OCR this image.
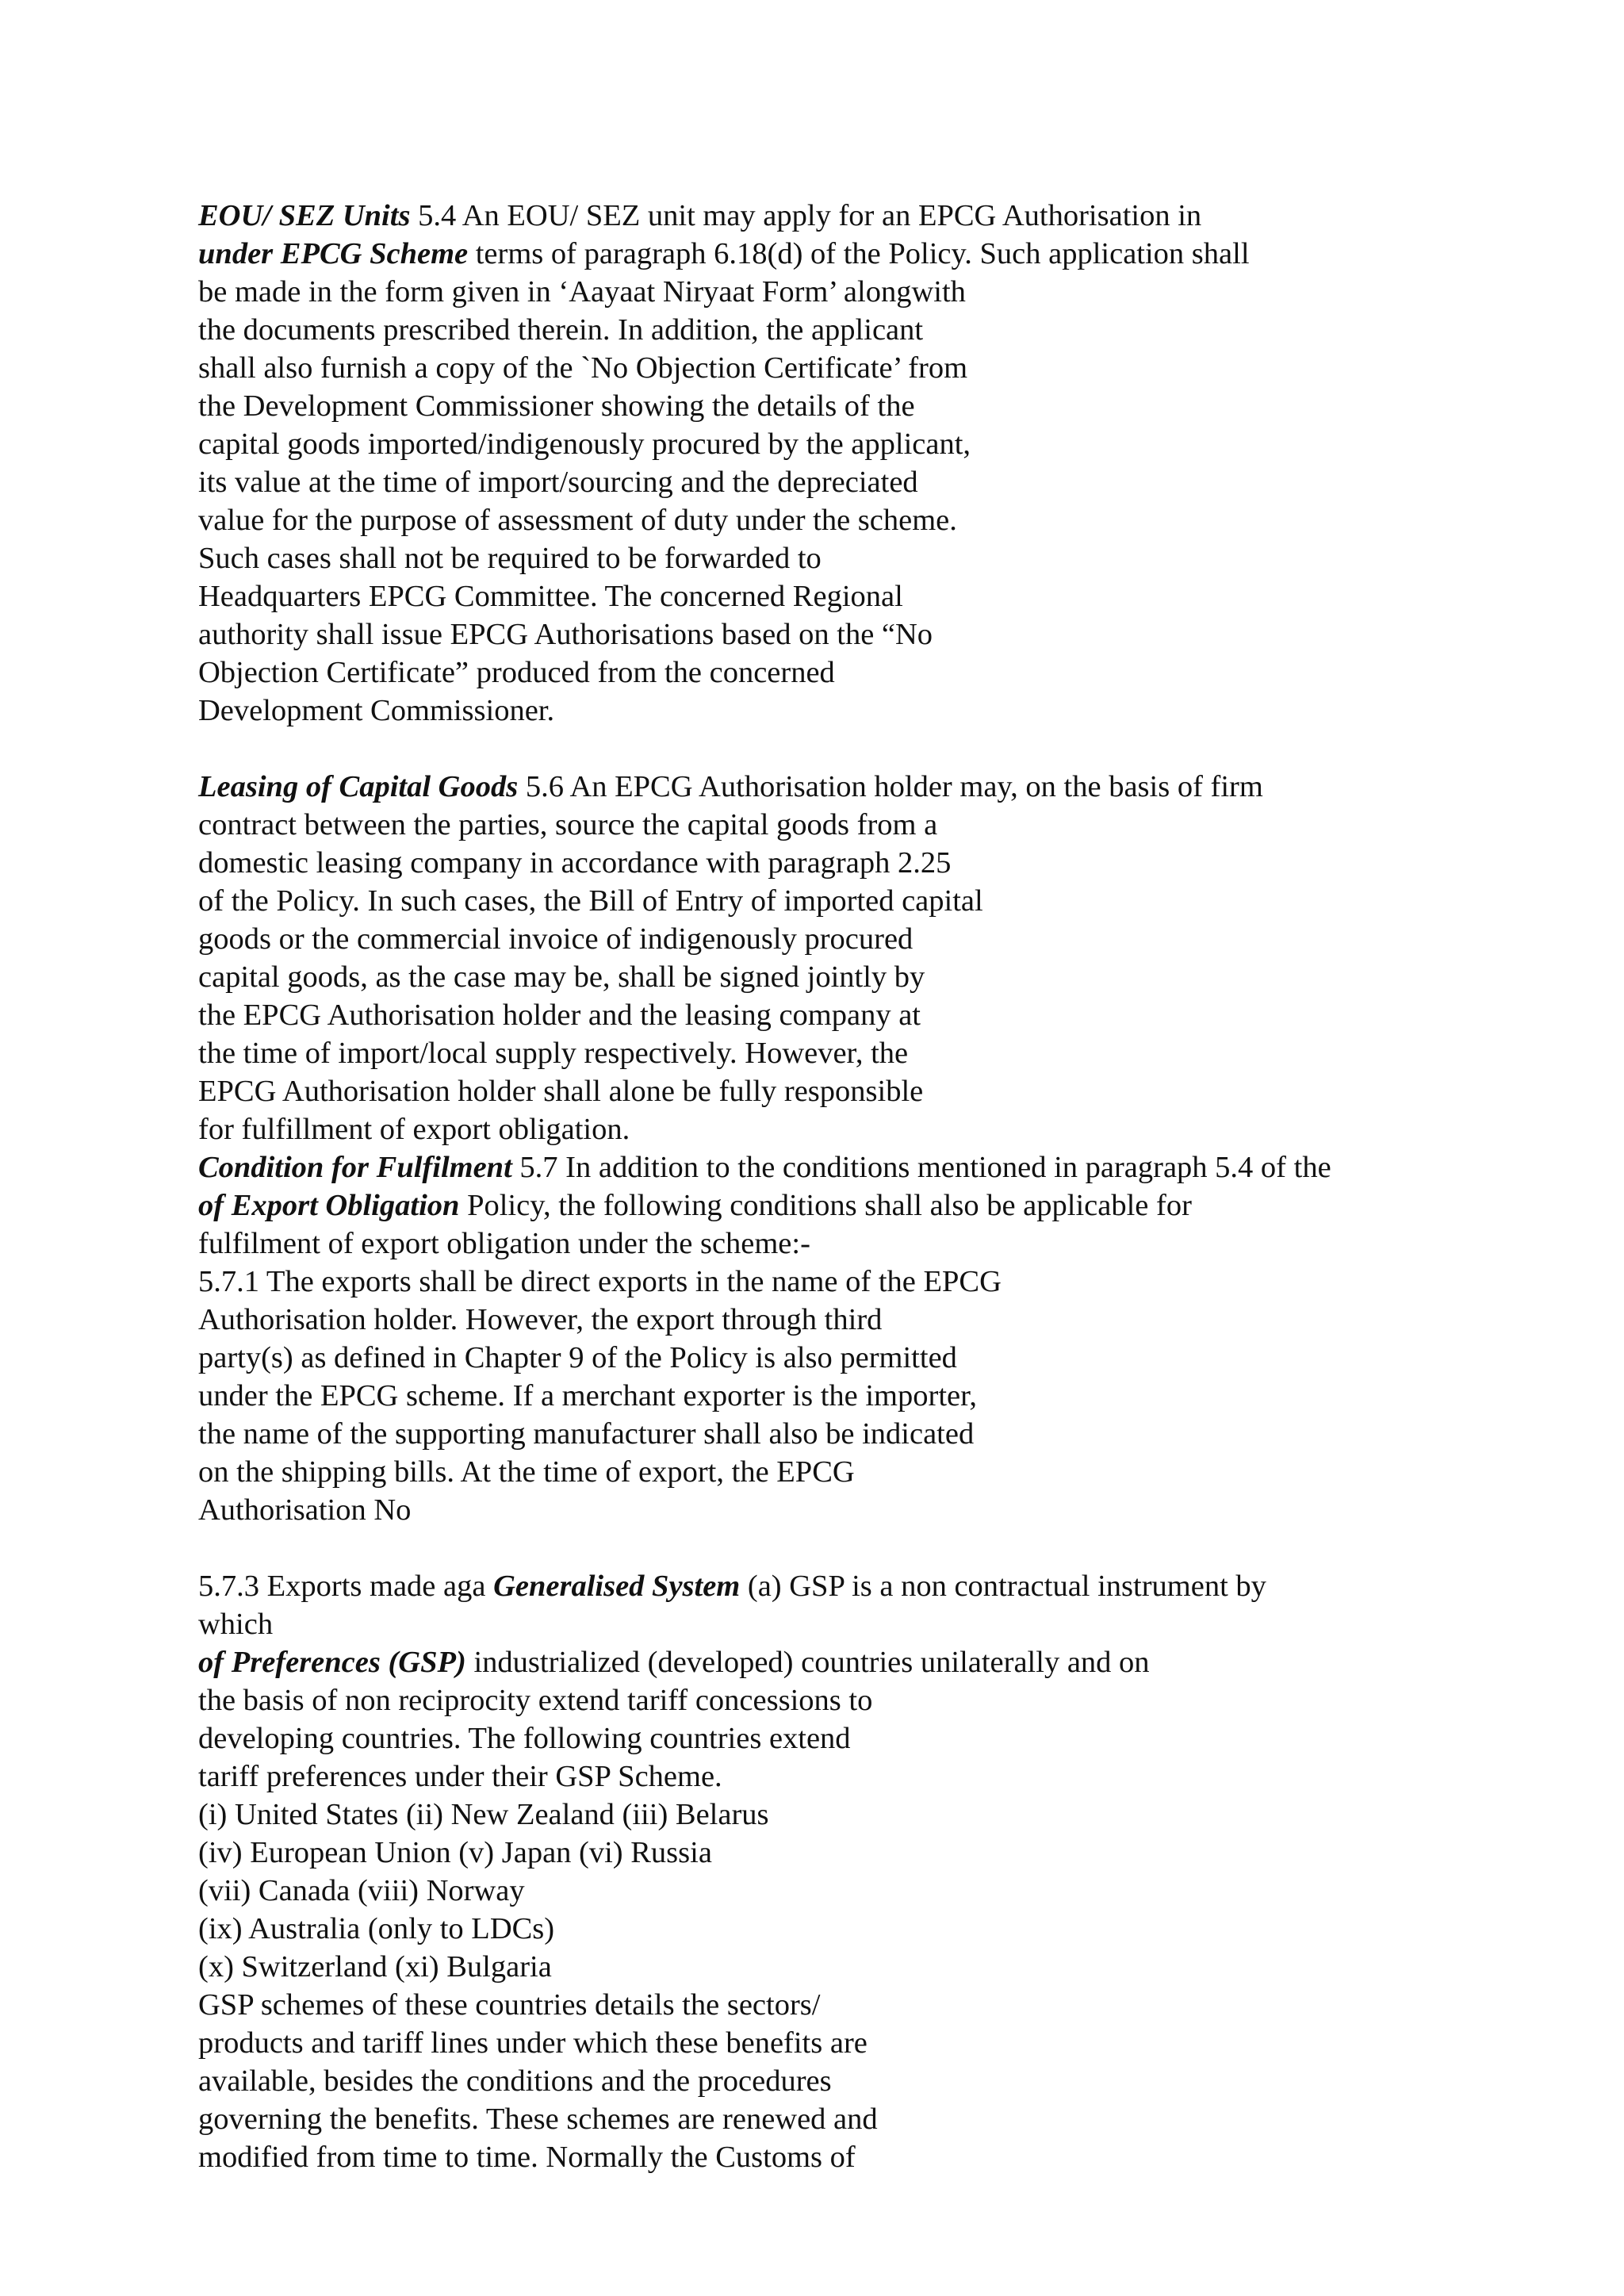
EOU/ SEZ Units 5.4 An EOU/ SEZ unit may apply for an EPCG Authorisation in
under EPCG Scheme terms of paragraph 6.18(d) of the Policy. Such application shall
be made in the form given in ‘Aayaat Niryaat Form’ alongwith
the documents prescribed therein. In addition, the applicant
shall also furnish a copy of the `No Objection Certificate’ from
the Development Commissioner showing the details of the
capital goods imported/indigenously procured by the applicant,
its value at the time of import/sourcing and the depreciated
value for the purpose of assessment of duty under the scheme.
Such cases shall not be required to be forwarded to
Headquarters EPCG Committee. The concerned Regional
authority shall issue EPCG Authorisations based on the “No
Objection Certificate” produced from the concerned
Development Commissioner.
Leasing of Capital Goods 5.6 An EPCG Authorisation holder may, on the basis of firm
contract between the parties, source the capital goods from a
domestic leasing company in accordance with paragraph 2.25
of the Policy. In such cases, the Bill of Entry of imported capital
goods or the commercial invoice of indigenously procured
capital goods, as the case may be, shall be signed jointly by
the EPCG Authorisation holder and the leasing company at
the time of import/local supply respectively. However, the
EPCG Authorisation holder shall alone be fully responsible
for fulfillment of export obligation.
Condition for Fulfilment 5.7 In addition to the conditions mentioned in paragraph 5.4 of the
of Export Obligation Policy, the following conditions shall also be applicable for
fulfilment of export obligation under the scheme:-
5.7.1 The exports shall be direct exports in the name of the EPCG
Authorisation holder. However, the export through third
party(s) as defined in Chapter 9 of the Policy is also permitted
under the EPCG scheme. If a merchant exporter is the importer,
the name of the supporting manufacturer shall also be indicated
on the shipping bills. At the time of export, the EPCG
Authorisation No
5.7.3 Exports made aga Generalised System (a) GSP is a non contractual instrument by
which
of Preferences (GSP) industrialized (developed) countries unilaterally and on
the basis of non reciprocity extend tariff concessions to
developing countries. The following countries extend
tariff preferences under their GSP Scheme.
(i) United States (ii) New Zealand (iii) Belarus
(iv) European Union (v) Japan (vi) Russia
(vii) Canada (viii) Norway
(ix) Australia (only to LDCs)
(x) Switzerland (xi) Bulgaria
GSP schemes of these countries details the sectors/
products and tariff lines under which these benefits are
available, besides the conditions and the procedures
governing the benefits. These schemes are renewed and
modified from time to time. Normally the Customs of
